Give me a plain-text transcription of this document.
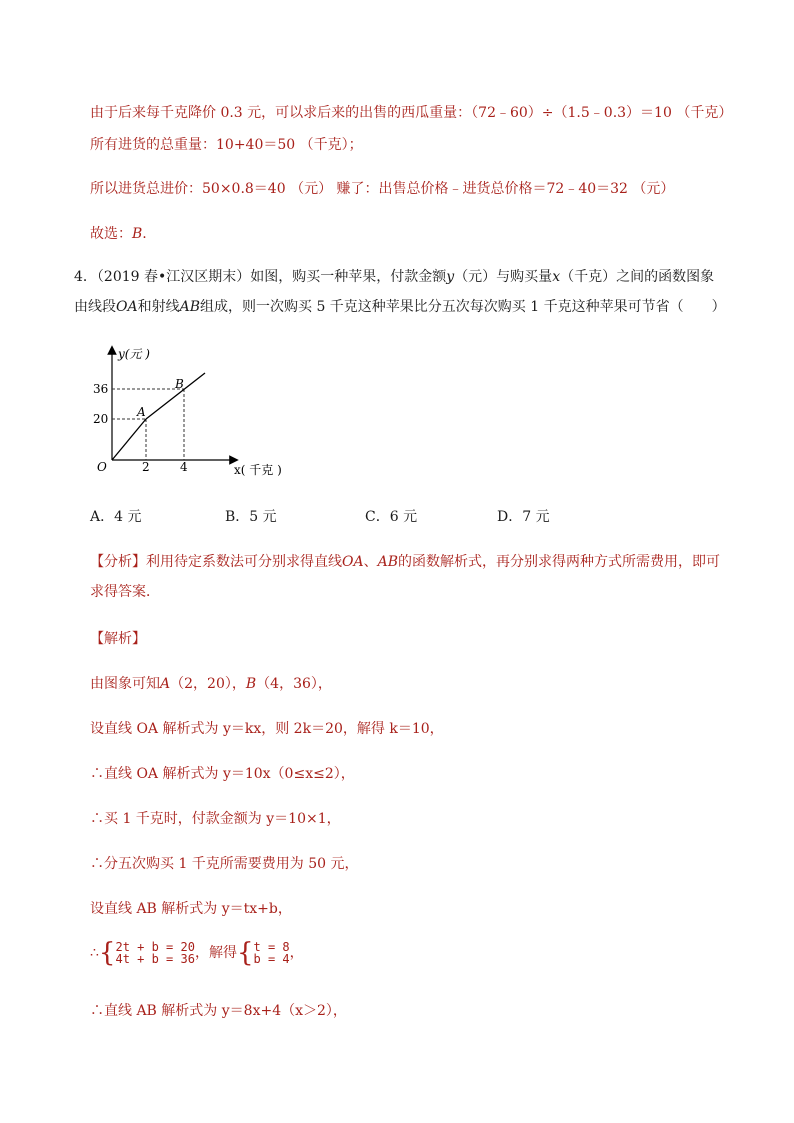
由于后来每千克降价 0.3 元，可以求后来的出售的西瓜重量：（72﹣60）÷（1.5﹣0.3）＝10 （千克）
所有进货的总重量：10+40＝50 （千克）；
所以进货总进价：50×0.8＝40 （元） 赚了：出售总价格﹣进货总价格＝72﹣40＝32 （元）
故选：B.
4．（2019 春•江汉区期末）如图，购买一种苹果，付款金额y（元）与购买量x（千克）之间的函数图象由线段OA和射线AB组成，则一次购买 5 千克这种苹果比分五次每次购买 1 千克这种苹果可节省（　　）
y(元 )
x( 千克 )
O
A
B
36
20
2	4
A．4 元	B．5 元	C．6 元	D．7 元
【分析】利用待定系数法可分别求得直线OA、AB的函数解析式，再分别求得两种方式所需费用，即可求得答案．
【解析】
由图象可知A（2，20），B（4，36），
设直线 OA 解析式为 y＝kx，则 2k＝20，解得 k＝10，
∴直线 OA 解析式为 y＝10x（0≤x≤2），
∴买 1 千克时，付款金额为 y＝10×1，
∴分五次购买 1 千克所需要费用为 50 元，
设直线 AB 解析式为 y＝tx+b，
∴{ 2t + b = 20
4t + b = 36 ，解得{ t = 8
b = 4 ，
∴直线 AB 解析式为 y＝8x+4（x＞2），
